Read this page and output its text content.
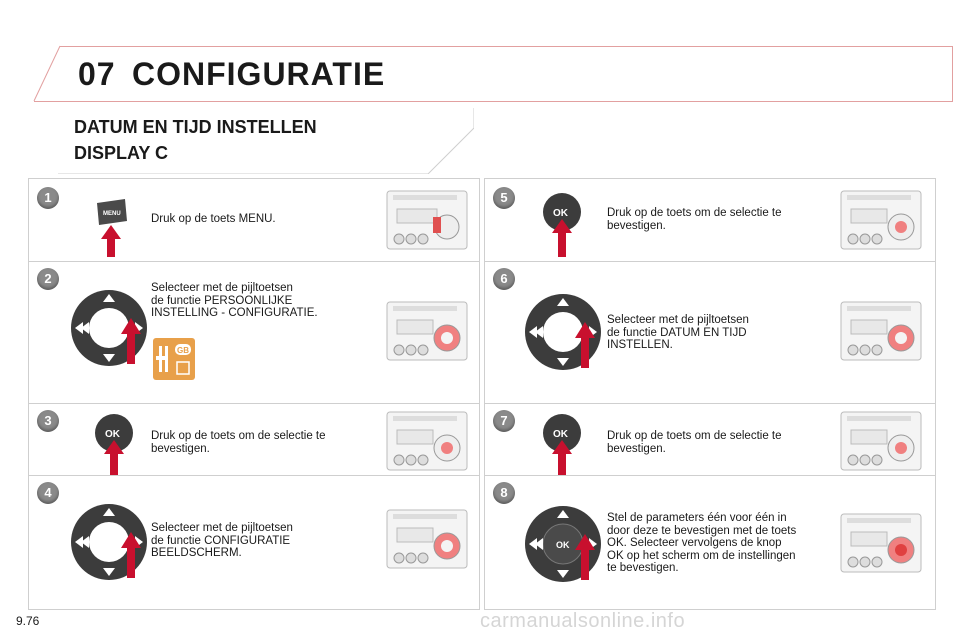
07 CONFIGURATIE
DATUM EN TIJD INSTELLEN
DISPLAY C
1
MENU	Druk op de toets MENU.
2
GB
Selecteer met de pijltoetsen
de functie PERSOONLIJKE
INSTELLING - CONFIGURATIE.
3
OK	Druk op de toets om de selectie te
bevestigen.
4
Selecteer met de pijltoetsen
de functie CONFIGURATIE
BEELDSCHERM.
5
OK	Druk op de toets om de selectie te
bevestigen.
6
Selecteer met de pijltoetsen
de functie DATUM EN TIJD
INSTELLEN.
7
OK	Druk op de toets om de selectie te
bevestigen.
8
OK
Stel de parameters één voor één in
door deze te bevestigen met de toets
OK. Selecteer vervolgens de knop
OK op het scherm om de instellingen
te bevestigen.
9.76	carmanualsonline.info
